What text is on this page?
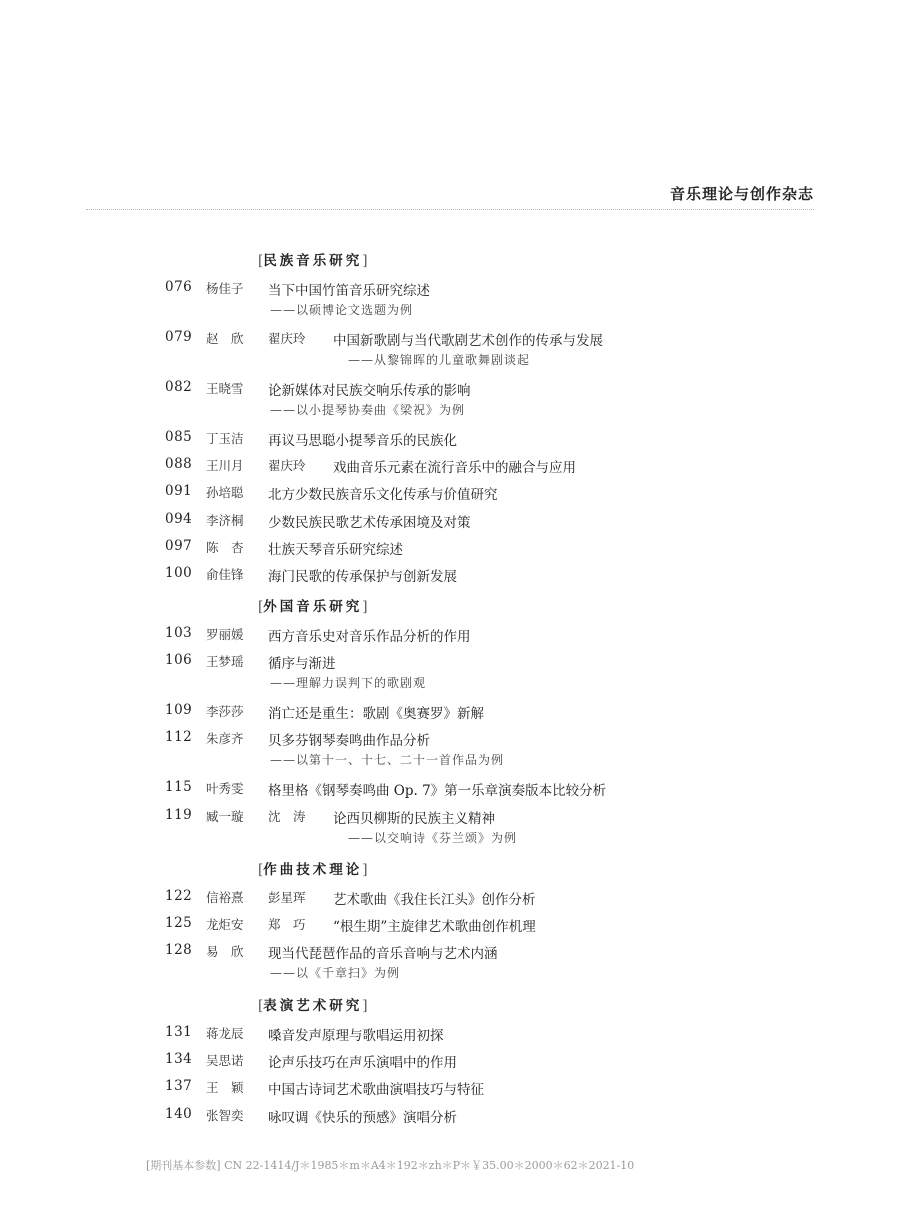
音乐理论与创作杂志
[民族音乐研究]
076 杨佳子 当下中国竹笛音乐研究综述
——以硕博论文选题为例
079 赵　欣 翟庆玲 中国新歌剧与当代歌剧艺术创作的传承与发展
——从黎锦晖的儿童歌舞剧谈起
082 王晓雪 论新媒体对民族交响乐传承的影响
——以小提琴协奏曲《梁祝》为例
085 丁玉洁 再议马思聪小提琴音乐的民族化
088 王川月 翟庆玲 戏曲音乐元素在流行音乐中的融合与应用
091 孙培聪 北方少数民族音乐文化传承与价值研究
094 李济桐 少数民族民歌艺术传承困境及对策
097 陈　杏 壮族天琴音乐研究综述
100 俞佳锋 海门民歌的传承保护与创新发展
[外国音乐研究]
103 罗丽媛 西方音乐史对音乐作品分析的作用
106 王梦瑶 循序与渐进
——理解力误判下的歌剧观
109 李莎莎 消亡还是重生：歌剧《奥赛罗》新解
112 朱彦齐 贝多芬钢琴奏鸣曲作品分析
——以第十一、十七、二十一首作品为例
115 叶秀雯 格里格《钢琴奏鸣曲 Op. 7》第一乐章演奏版本比较分析
119 臧一璇 沈　涛 论西贝柳斯的民族主义精神
——以交响诗《芬兰颂》为例
[作曲技术理论]
122 信裕熹 彭星珲 艺术歌曲《我住长江头》创作分析
125 龙炬安 郑　巧 “根生期”主旋律艺术歌曲创作机理
128 易　欣 现当代琵琶作品的音乐音响与艺术内涵
——以《千章扫》为例
[表演艺术研究]
131 蒋龙辰 嗓音发声原理与歌唱运用初探
134 吴思诺 论声乐技巧在声乐演唱中的作用
137 王　颖 中国古诗词艺术歌曲演唱技巧与特征
140 张智奕 咏叹调《快乐的预感》演唱分析
[期刊基本参数] CN 22-1414/J＊1985＊m＊A4＊192＊zh＊P＊￥35.00＊2000＊62＊2021-10
